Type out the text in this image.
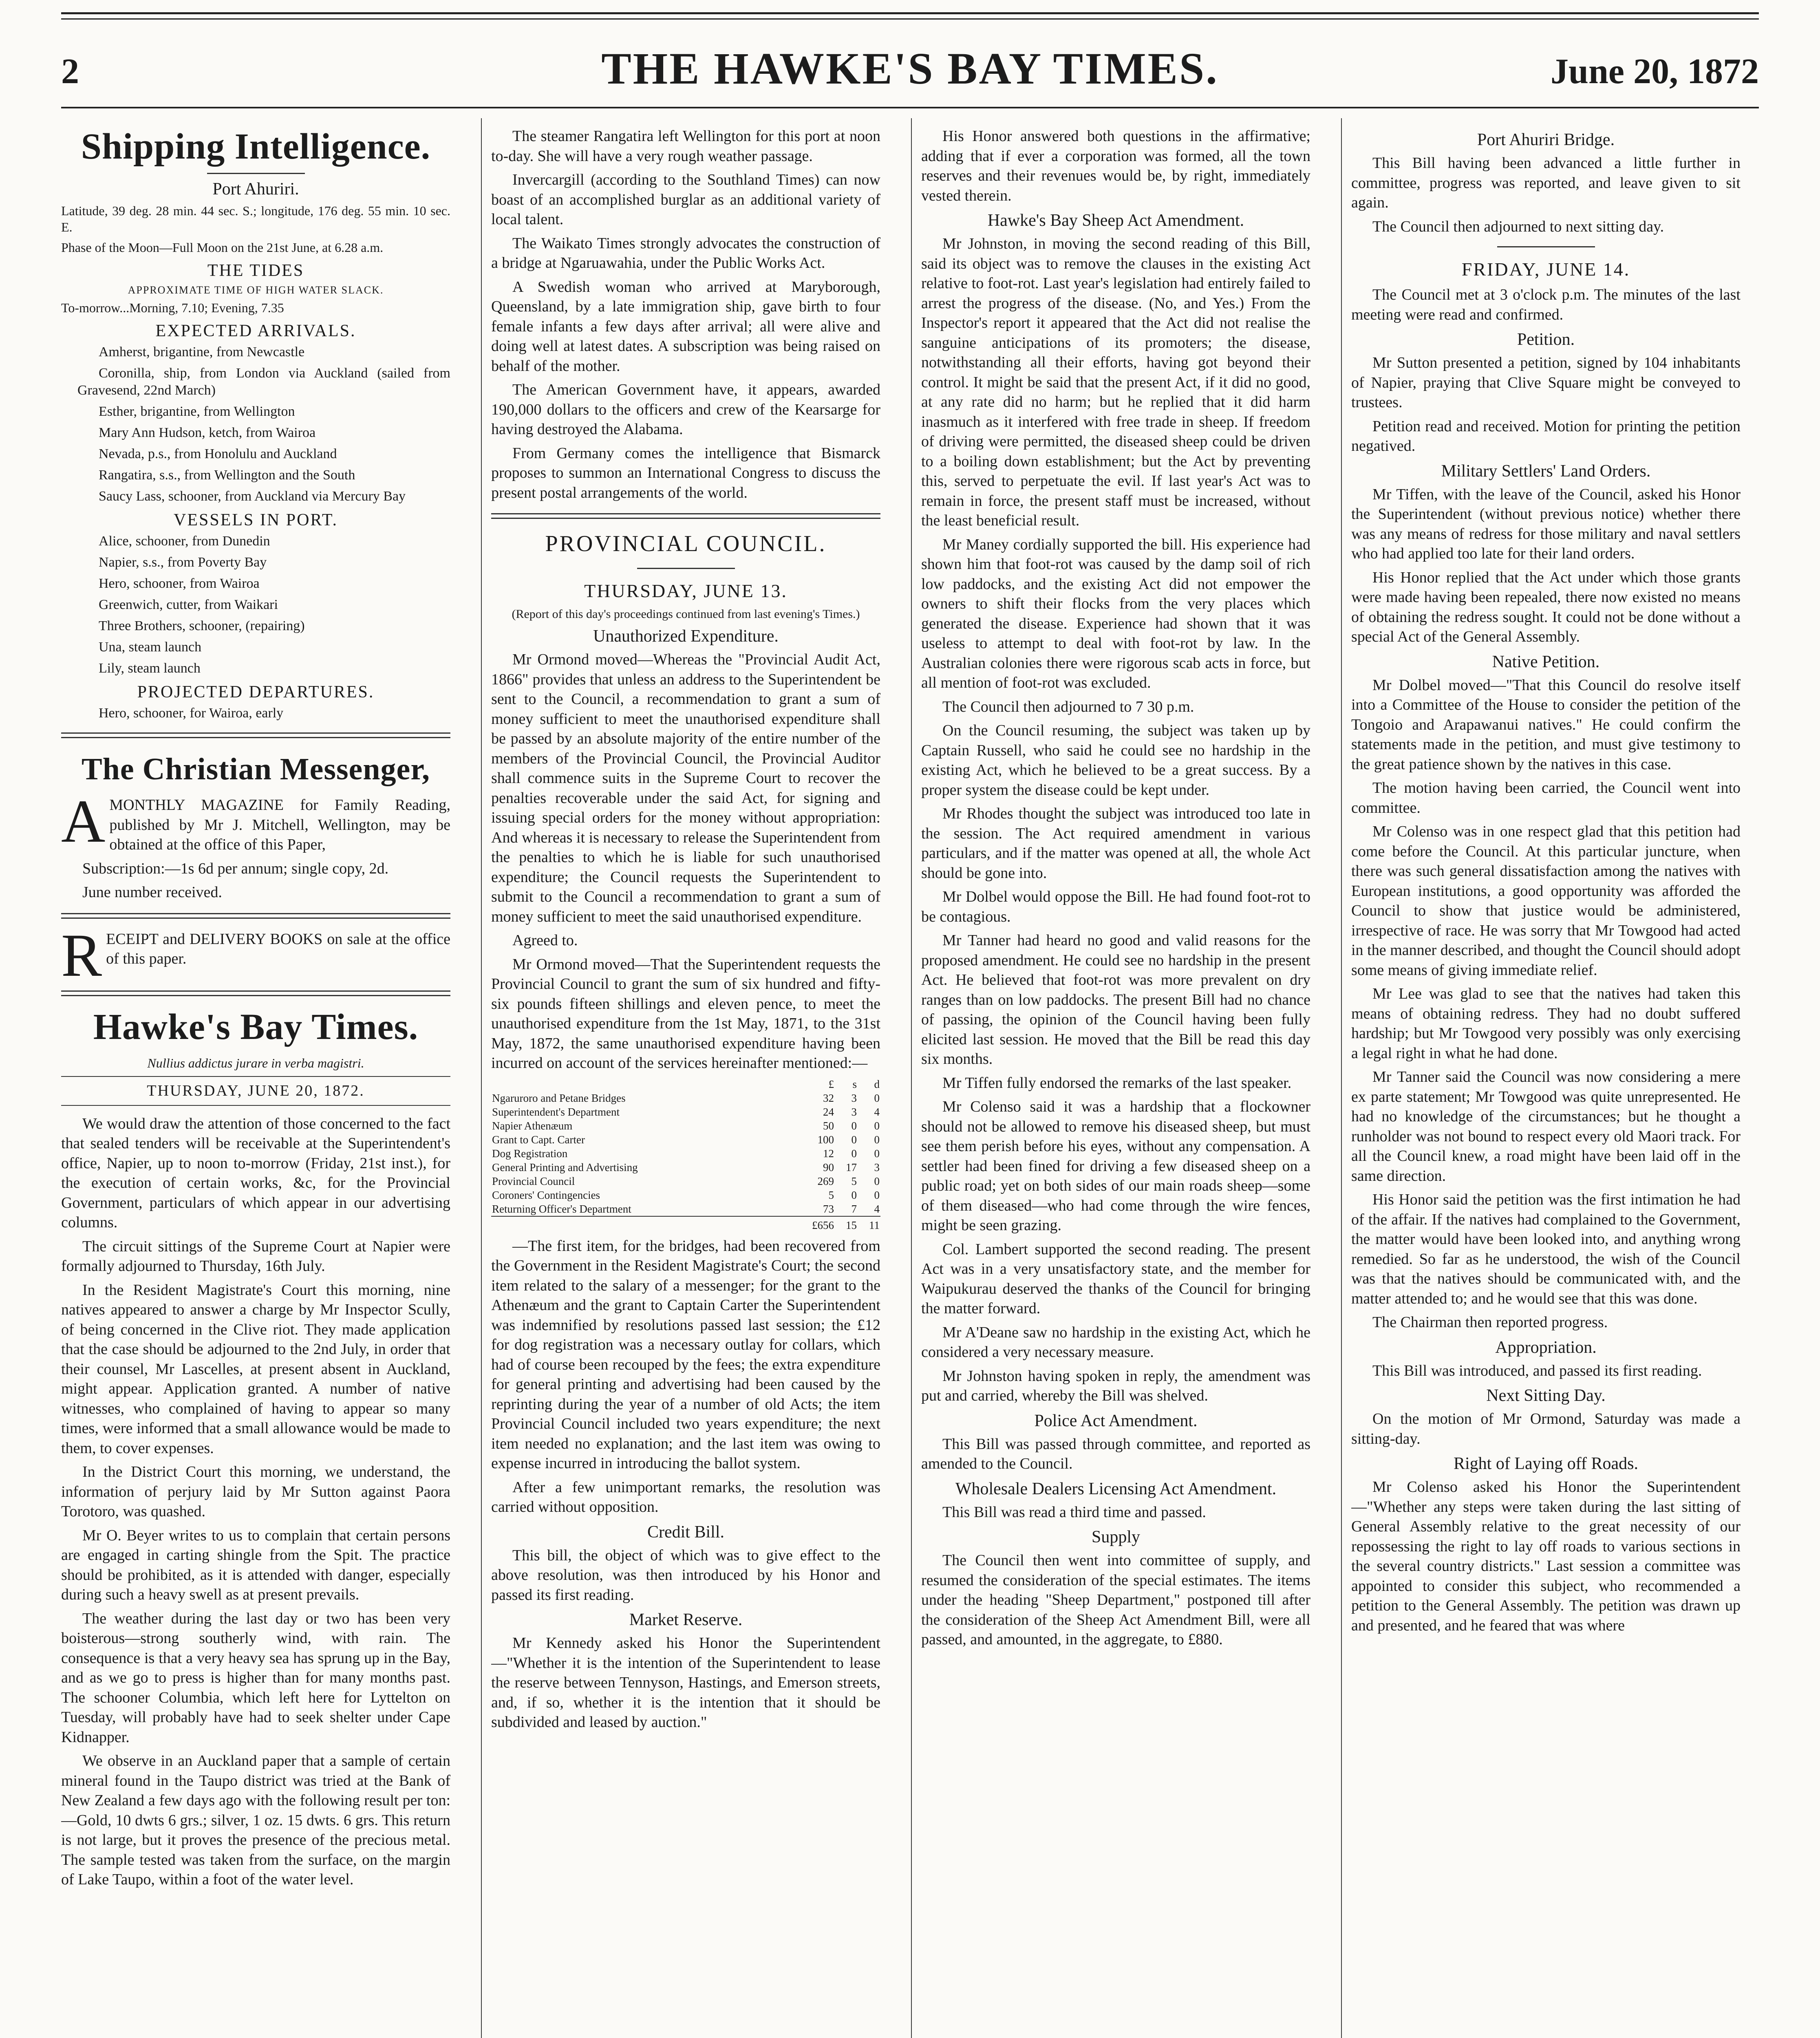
2	THE HAWKE'S BAY TIMES.	June 20, 1872
Shipping Intelligence.
Port Ahuriri.

Latitude, 39 deg. 28 min. 44 sec. S.; longitude, 176 deg. 55 min. 10 sec. E.

Phase of the Moon—Full Moon on the 21st June, at 6.28 a.m.

THE TIDES
APPROXIMATE TIME OF HIGH WATER SLACK.

To-morrow...Morning, 7.10; Evening, 7.35

EXPECTED ARRIVALS.

Amherst, brigantine, from Newcastle

Coronilla, ship, from London via Auckland (sailed from Gravesend, 22nd March)

Esther, brigantine, from Wellington

Mary Ann Hudson, ketch, from Wairoa

Nevada, p.s., from Honolulu and Auckland

Rangatira, s.s., from Wellington and the South

Saucy Lass, schooner, from Auckland via Mercury Bay

VESSELS IN PORT.

Alice, schooner, from Dunedin

Napier, s.s., from Poverty Bay

Hero, schooner, from Wairoa

Greenwich, cutter, from Waikari

Three Brothers, schooner, (repairing)

Una, steam launch

Lily, steam launch

PROJECTED DEPARTURES.

Hero, schooner, for Wairoa, early

The Christian Messenger,
A MONTHLY MAGAZINE for Family Reading, published by Mr J. Mitchell, Wellington, may be obtained at the office of this Paper,

Subscription:—1s 6d per annum; single copy, 2d.

June number received.

R ECEIPT and DELIVERY BOOKS on sale at the office of this paper.

Hawke's Bay Times.
Nullius addictus jurare in verba magistri.
THURSDAY, JUNE 20, 1872.

We would draw the attention of those concerned to the fact that sealed tenders will be receivable at the Superintendent's office, Napier, up to noon to-morrow (Friday, 21st inst.), for the execution of certain works, &c, for the Provincial Government, particulars of which appear in our advertising columns.

The circuit sittings of the Supreme Court at Napier were formally adjourned to Thursday, 16th July.

In the Resident Magistrate's Court this morning, nine natives appeared to answer a charge by Mr Inspector Scully, of being concerned in the Clive riot. They made application that the case should be adjourned to the 2nd July, in order that their counsel, Mr Lascelles, at present absent in Auckland, might appear. Application granted. A number of native witnesses, who complained of having to appear so many times, were informed that a small allowance would be made to them, to cover expenses.

In the District Court this morning, we understand, the information of perjury laid by Mr Sutton against Paora Torotoro, was quashed.

Mr O. Beyer writes to us to complain that certain persons are engaged in carting shingle from the Spit. The practice should be prohibited, as it is attended with danger, especially during such a heavy swell as at present prevails.

The weather during the last day or two has been very boisterous—strong southerly wind, with rain. The consequence is that a very heavy sea has sprung up in the Bay, and as we go to press is higher than for many months past. The schooner Columbia, which left here for Lyttelton on Tuesday, will probably have had to seek shelter under Cape Kidnapper.

We observe in an Auckland paper that a sample of certain mineral found in the Taupo district was tried at the Bank of New Zealand a few days ago with the following result per ton:—Gold, 10 dwts 6 grs.; silver, 1 oz. 15 dwts. 6 grs. This return is not large, but it proves the presence of the precious metal. The sample tested was taken from the surface, on the margin of Lake Taupo, within a foot of the water level.

The steamer Rangatira left Wellington for this port at noon to-day. She will have a very rough weather passage.

Invercargill (according to the Southland Times) can now boast of an accomplished burglar as an additional variety of local talent.

The Waikato Times strongly advocates the construction of a bridge at Ngaruawahia, under the Public Works Act.

A Swedish woman who arrived at Maryborough, Queensland, by a late immigration ship, gave birth to four female infants a few days after arrival; all were alive and doing well at latest dates. A subscription was being raised on behalf of the mother.

The American Government have, it appears, awarded 190,000 dollars to the officers and crew of the Kearsarge for having destroyed the Alabama.

From Germany comes the intelligence that Bismarck proposes to summon an International Congress to discuss the present postal arrangements of the world.

PROVINCIAL COUNCIL.
THURSDAY, JUNE 13.
(Report of this day's proceedings continued from last evening's Times.)
Unauthorized Expenditure.

Mr Ormond moved—Whereas the "Provincial Audit Act, 1866" provides that unless an address to the Superintendent be sent to the Council, a recommendation to grant a sum of money sufficient to meet the unauthorised expenditure shall be passed by an absolute majority of the entire number of the members of the Provincial Council, the Provincial Auditor shall commence suits in the Supreme Court to recover the penalties recoverable under the said Act, for signing and issuing special orders for the money without appropriation: And whereas it is necessary to release the Superintendent from the penalties to which he is liable for such unauthorised expenditure; the Council requests the Superintendent to submit to the Council a recommendation to grant a sum of money sufficient to meet the said unauthorised expenditure.

Agreed to.

Mr Ormond moved—That the Superintendent requests the Provincial Council to grant the sum of six hundred and fifty-six pounds fifteen shillings and eleven pence, to meet the unauthorised expenditure from the 1st May, 1871, to the 31st May, 1872, the same unauthorised expenditure having been incurred on account of the services hereinafter mentioned:—

	£	s	d
Ngaruroro and Petane Bridges	32	3	0
Superintendent's Department	24	3	4
Napier Athenæum	50	0	0
Grant to Capt. Carter	100	0	0
Dog Registration	12	0	0
General Printing and Advertising	90	17	3
Provincial Council	269	5	0
Coroners' Contingencies	5	0	0
Returning Officer's Department	73	7	4
	£656	15	11

—The first item, for the bridges, had been recovered from the Government in the Resident Magistrate's Court; the second item related to the salary of a messenger; for the grant to the Athenæum and the grant to Captain Carter the Superintendent was indemnified by resolutions passed last session; the £12 for dog registration was a necessary outlay for collars, which had of course been recouped by the fees; the extra expenditure for general printing and advertising had been caused by the reprinting during the year of a number of old Acts; the item Provincial Council included two years expenditure; the next item needed no explanation; and the last item was owing to expense incurred in introducing the ballot system.

After a few unimportant remarks, the resolution was carried without opposition.

Credit Bill.

This bill, the object of which was to give effect to the above resolution, was then introduced by his Honor and passed its first reading.

Market Reserve.

Mr Kennedy asked his Honor the Superintendent—"Whether it is the intention of the Superintendent to lease the reserve between Tennyson, Hastings, and Emerson streets, and, if so, whether it is the intention that it should be subdivided and leased by auction."

His Honor answered both questions in the affirmative; adding that if ever a corporation was formed, all the town reserves and their revenues would be, by right, immediately vested therein.

Hawke's Bay Sheep Act Amendment.

Mr Johnston, in moving the second reading of this Bill, said its object was to remove the clauses in the existing Act relative to foot-rot. Last year's legislation had entirely failed to arrest the progress of the disease. (No, and Yes.) From the Inspector's report it appeared that the Act did not realise the sanguine anticipations of its promoters; the disease, notwithstanding all their efforts, having got beyond their control. It might be said that the present Act, if it did no good, at any rate did no harm; but he replied that it did harm inasmuch as it interfered with free trade in sheep. If freedom of driving were permitted, the diseased sheep could be driven to a boiling down establishment; but the Act by preventing this, served to perpetuate the evil. If last year's Act was to remain in force, the present staff must be increased, without the least beneficial result.

Mr Maney cordially supported the bill. His experience had shown him that foot-rot was caused by the damp soil of rich low paddocks, and the existing Act did not empower the owners to shift their flocks from the very places which generated the disease. Experience had shown that it was useless to attempt to deal with foot-rot by law. In the Australian colonies there were rigorous scab acts in force, but all mention of foot-rot was excluded.

The Council then adjourned to 7 30 p.m.

On the Council resuming, the subject was taken up by Captain Russell, who said he could see no hardship in the existing Act, which he believed to be a great success. By a proper system the disease could be kept under.

Mr Rhodes thought the subject was introduced too late in the session. The Act required amendment in various particulars, and if the matter was opened at all, the whole Act should be gone into.

Mr Dolbel would oppose the Bill. He had found foot-rot to be contagious.

Mr Tanner had heard no good and valid reasons for the proposed amendment. He could see no hardship in the present Act. He believed that foot-rot was more prevalent on dry ranges than on low paddocks. The present Bill had no chance of passing, the opinion of the Council having been fully elicited last session. He moved that the Bill be read this day six months.

Mr Tiffen fully endorsed the remarks of the last speaker.

Mr Colenso said it was a hardship that a flockowner should not be allowed to remove his diseased sheep, but must see them perish before his eyes, without any compensation. A settler had been fined for driving a few diseased sheep on a public road; yet on both sides of our main roads sheep—some of them diseased—who had come through the wire fences, might be seen grazing.

Col. Lambert supported the second reading. The present Act was in a very unsatisfactory state, and the member for Waipukurau deserved the thanks of the Council for bringing the matter forward.

Mr A'Deane saw no hardship in the existing Act, which he considered a very necessary measure.

Mr Johnston having spoken in reply, the amendment was put and carried, whereby the Bill was shelved.

Police Act Amendment.

This Bill was passed through committee, and reported as amended to the Council.

Wholesale Dealers Licensing Act Amendment.

This Bill was read a third time and passed.

Supply

The Council then went into committee of supply, and resumed the consideration of the special estimates. The items under the heading "Sheep Department," postponed till after the consideration of the Sheep Act Amendment Bill, were all passed, and amounted, in the aggregate, to £880.

Port Ahuriri Bridge.

This Bill having been advanced a little further in committee, progress was reported, and leave given to sit again.

The Council then adjourned to next sitting day.

FRIDAY, JUNE 14.

The Council met at 3 o'clock p.m. The minutes of the last meeting were read and confirmed.

Petition.

Mr Sutton presented a petition, signed by 104 inhabitants of Napier, praying that Clive Square might be conveyed to trustees.

Petition read and received. Motion for printing the petition negatived.

Military Settlers' Land Orders.

Mr Tiffen, with the leave of the Council, asked his Honor the Superintendent (without previous notice) whether there was any means of redress for those military and naval settlers who had applied too late for their land orders.

His Honor replied that the Act under which those grants were made having been repealed, there now existed no means of obtaining the redress sought. It could not be done without a special Act of the General Assembly.

Native Petition.

Mr Dolbel moved—"That this Council do resolve itself into a Committee of the House to consider the petition of the Tongoio and Arapawanui natives." He could confirm the statements made in the petition, and must give testimony to the great patience shown by the natives in this case.

The motion having been carried, the Council went into committee.

Mr Colenso was in one respect glad that this petition had come before the Council. At this particular juncture, when there was such general dissatisfaction among the natives with European institutions, a good opportunity was afforded the Council to show that justice would be administered, irrespective of race. He was sorry that Mr Towgood had acted in the manner described, and thought the Council should adopt some means of giving immediate relief.

Mr Lee was glad to see that the natives had taken this means of obtaining redress. They had no doubt suffered hardship; but Mr Towgood very possibly was only exercising a legal right in what he had done.

Mr Tanner said the Council was now considering a mere ex parte statement; Mr Towgood was quite unrepresented. He had no knowledge of the circumstances; but he thought a runholder was not bound to respect every old Maori track. For all the Council knew, a road might have been laid off in the same direction.

His Honor said the petition was the first intimation he had of the affair. If the natives had complained to the Government, the matter would have been looked into, and anything wrong remedied. So far as he understood, the wish of the Council was that the natives should be communicated with, and the matter attended to; and he would see that this was done.

The Chairman then reported progress.

Appropriation.

This Bill was introduced, and passed its first reading.

Next Sitting Day.

On the motion of Mr Ormond, Saturday was made a sitting-day.

Right of Laying off Roads.

Mr Colenso asked his Honor the Superintendent—"Whether any steps were taken during the last sitting of General Assembly relative to the great necessity of our repossessing the right to lay off roads to various sections in the several country districts." Last session a committee was appointed to consider this subject, who recommended a petition to the General Assembly. The petition was drawn up and presented, and he feared that was where
